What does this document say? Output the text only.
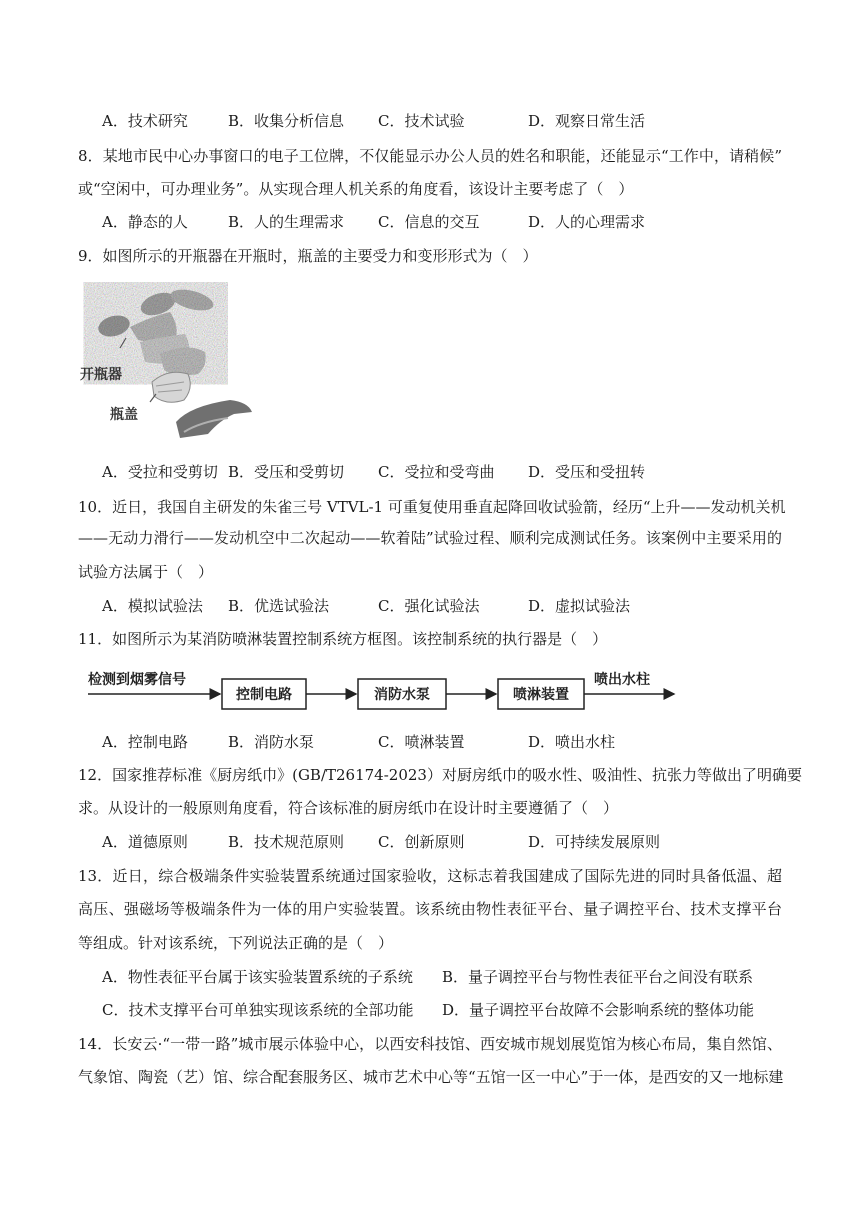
A．技术研究	B．收集分析信息 C．技术试验	D．观察日常生活
8．某地市民中心办事窗口的电子工位牌，不仅能显示办公人员的姓名和职能，还能显示“工作中，请稍候”
或“空闲中，可办理业务”。从实现合理人机关系的角度看，该设计主要考虑了（　）
A．静态的人	B．人的生理需求 C．信息的交互	D．人的心理需求
9．如图所示的开瓶器在开瓶时，瓶盖的主要受力和变形形式为（　）
开瓶器
瓶盖
A．受拉和受剪切 B．受压和受剪切 C．受拉和受弯曲 D．受压和受扭转
10．近日，我国自主研发的朱雀三号 VTVL-1 可重复使用垂直起降回收试验箭，经历“上升——发动机关机
——无动力滑行——发动机空中二次起动——软着陆”试验过程、顺利完成测试任务。该案例中主要采用的
试验方法属于（　）
A．模拟试验法 B．优选试验法	C．强化试验法	D．虚拟试验法
11．如图所示为某消防喷淋装置控制系统方框图。该控制系统的执行器是（　）
检测到烟雾信号
控制电路	消防水泵	喷淋装置
喷出水柱
A．控制电路	B．消防水泵	C．喷淋装置	D．喷出水柱
12．国家推荐标准《厨房纸巾》(GB/T26174-2023）对厨房纸巾的吸水性、吸油性、抗张力等做出了明确要
求。从设计的一般原则角度看，符合该标准的厨房纸巾在设计时主要遵循了（　）
A．道德原则	B．技术规范原则 C．创新原则	D．可持续发展原则
13．近日，综合极端条件实验装置系统通过国家验收，这标志着我国建成了国际先进的同时具备低温、超
高压、强磁场等极端条件为一体的用户实验装置。该系统由物性表征平台、量子调控平台、技术支撑平台
等组成。针对该系统，下列说法正确的是（　）
A．物性表征平台属于该实验装置系统的子系统 B．量子调控平台与物性表征平台之间没有联系
C．技术支撑平台可单独实现该系统的全部功能 D．量子调控平台故障不会影响系统的整体功能
14．长安云·“一带一路”城市展示体验中心，以西安科技馆、西安城市规划展览馆为核心布局，集自然馆、
气象馆、陶瓷（艺）馆、综合配套服务区、城市艺术中心等“五馆一区一中心”于一体，是西安的又一地标建
